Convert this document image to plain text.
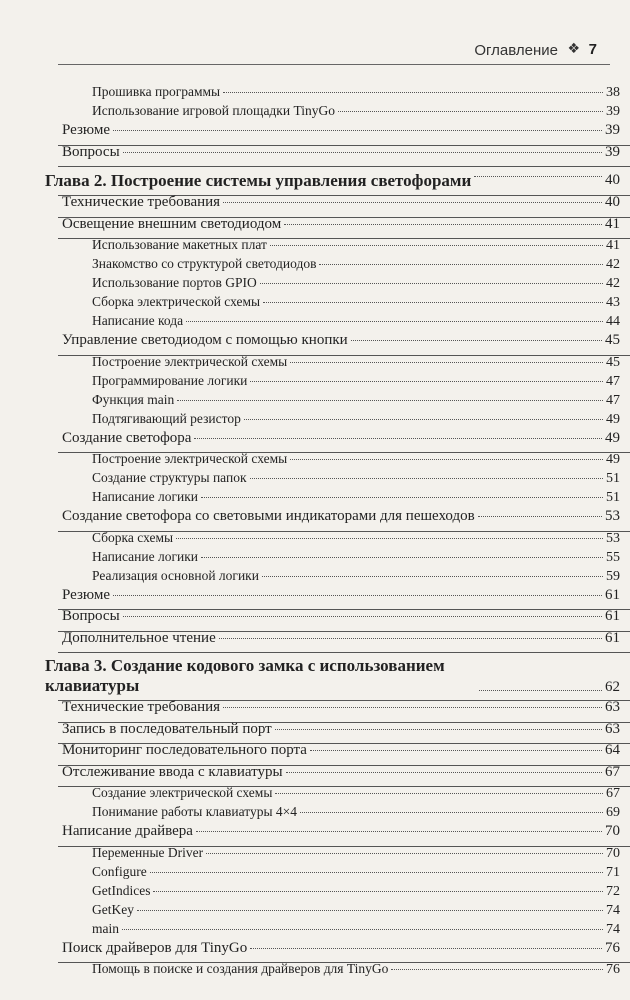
Оглавление ❖ 7
Прошивка программы	38
Использование игровой площадки TinyGo	39
Резюме	39
Вопросы	39
Глава 2. Построение системы управления светофорами	40
Технические требования	40
Освещение внешним светодиодом	41
Использование макетных плат	41
Знакомство со структурой светодиодов	42
Использование портов GPIO	42
Сборка электрической схемы	43
Написание кода	44
Управление светодиодом с помощью кнопки	45
Построение электрической схемы	45
Программирование логики	47
Функция main	47
Подтягивающий резистор	49
Создание светофора	49
Построение электрической схемы	49
Создание структуры папок	51
Написание логики	51
Создание светофора со световыми индикаторами для пешеходов	53
Сборка схемы	53
Написание логики	55
Реализация основной логики	59
Резюме	61
Вопросы	61
Дополнительное чтение	61
Глава 3. Создание кодового замка с использованием клавиатуры	62
Технические требования	63
Запись в последовательный порт	63
Мониторинг последовательного порта	64
Отслеживание ввода с клавиатуры	67
Создание электрической схемы	67
Понимание работы клавиатуры 4×4	69
Написание драйвера	70
Переменные Driver	70
Configure	71
GetIndices	72
GetKey	74
main	74
Поиск драйверов для TinyGo	76
Помощь в поиске и создания драйверов для TinyGo	76
